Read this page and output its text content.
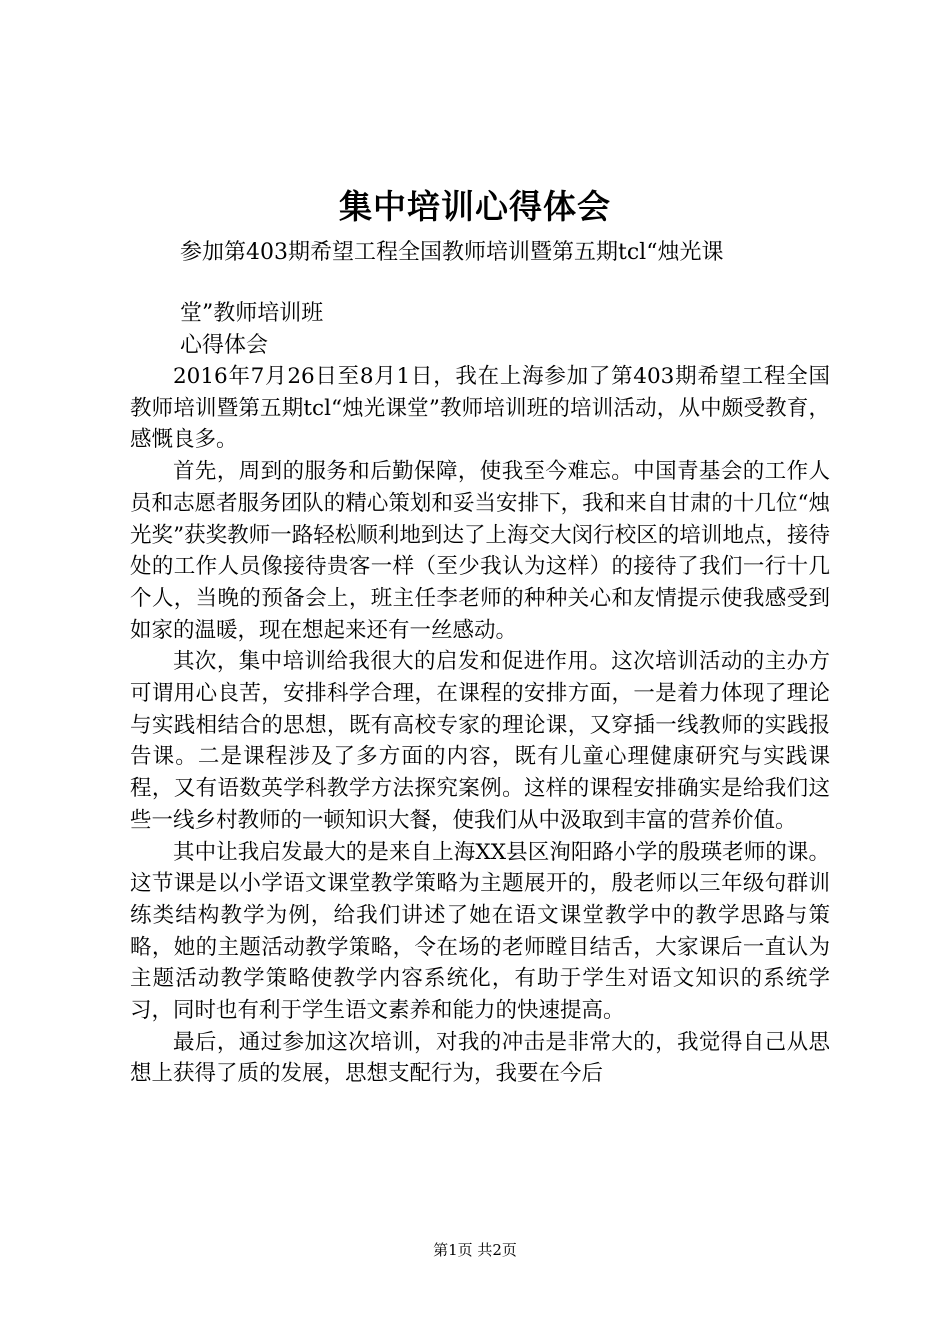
集中培训心得体会
参加第403期希望工程全国教师培训暨第五期tcl“烛光课
堂”教师培训班
心得体会

2016年7月26日至8月1日，我在上海参加了第403期希望工程全国教师培训暨第五期tcl“烛光课堂”教师培训班的培训活动，从中颇受教育，感慨良多。

首先，周到的服务和后勤保障，使我至今难忘。中国青基会的工作人员和志愿者服务团队的精心策划和妥当安排下，我和来自甘肃的十几位“烛光奖”获奖教师一路轻松顺利地到达了上海交大闵行校区的培训地点，接待处的工作人员像接待贵客一样（至少我认为这样）的接待了我们一行十几个人，当晚的预备会上，班主任李老师的种种关心和友情提示使我感受到如家的温暖，现在想起来还有一丝感动。

其次，集中培训给我很大的启发和促进作用。这次培训活动的主办方可谓用心良苦，安排科学合理，在课程的安排方面，一是着力体现了理论与实践相结合的思想，既有高校专家的理论课，又穿插一线教师的实践报告课。二是课程涉及了多方面的内容，既有儿童心理健康研究与实践课程，又有语数英学科教学方法探究案例。这样的课程安排确实是给我们这些一线乡村教师的一顿知识大餐，使我们从中汲取到丰富的营养价值。

其中让我启发最大的是来自上海XX县区洵阳路小学的殷瑛老师的课。这节课是以小学语文课堂教学策略为主题展开的，殷老师以三年级句群训练类结构教学为例，给我们讲述了她在语文课堂教学中的教学思路与策略，她的主题活动教学策略，令在场的老师瞠目结舌，大家课后一直认为主题活动教学策略使教学内容系统化，有助于学生对语文知识的系统学习，同时也有利于学生语文素养和能力的快速提高。

最后，通过参加这次培训，对我的冲击是非常大的，我觉得自己从思想上获得了质的发展，思想支配行为，我要在今后

第1页 共2页
